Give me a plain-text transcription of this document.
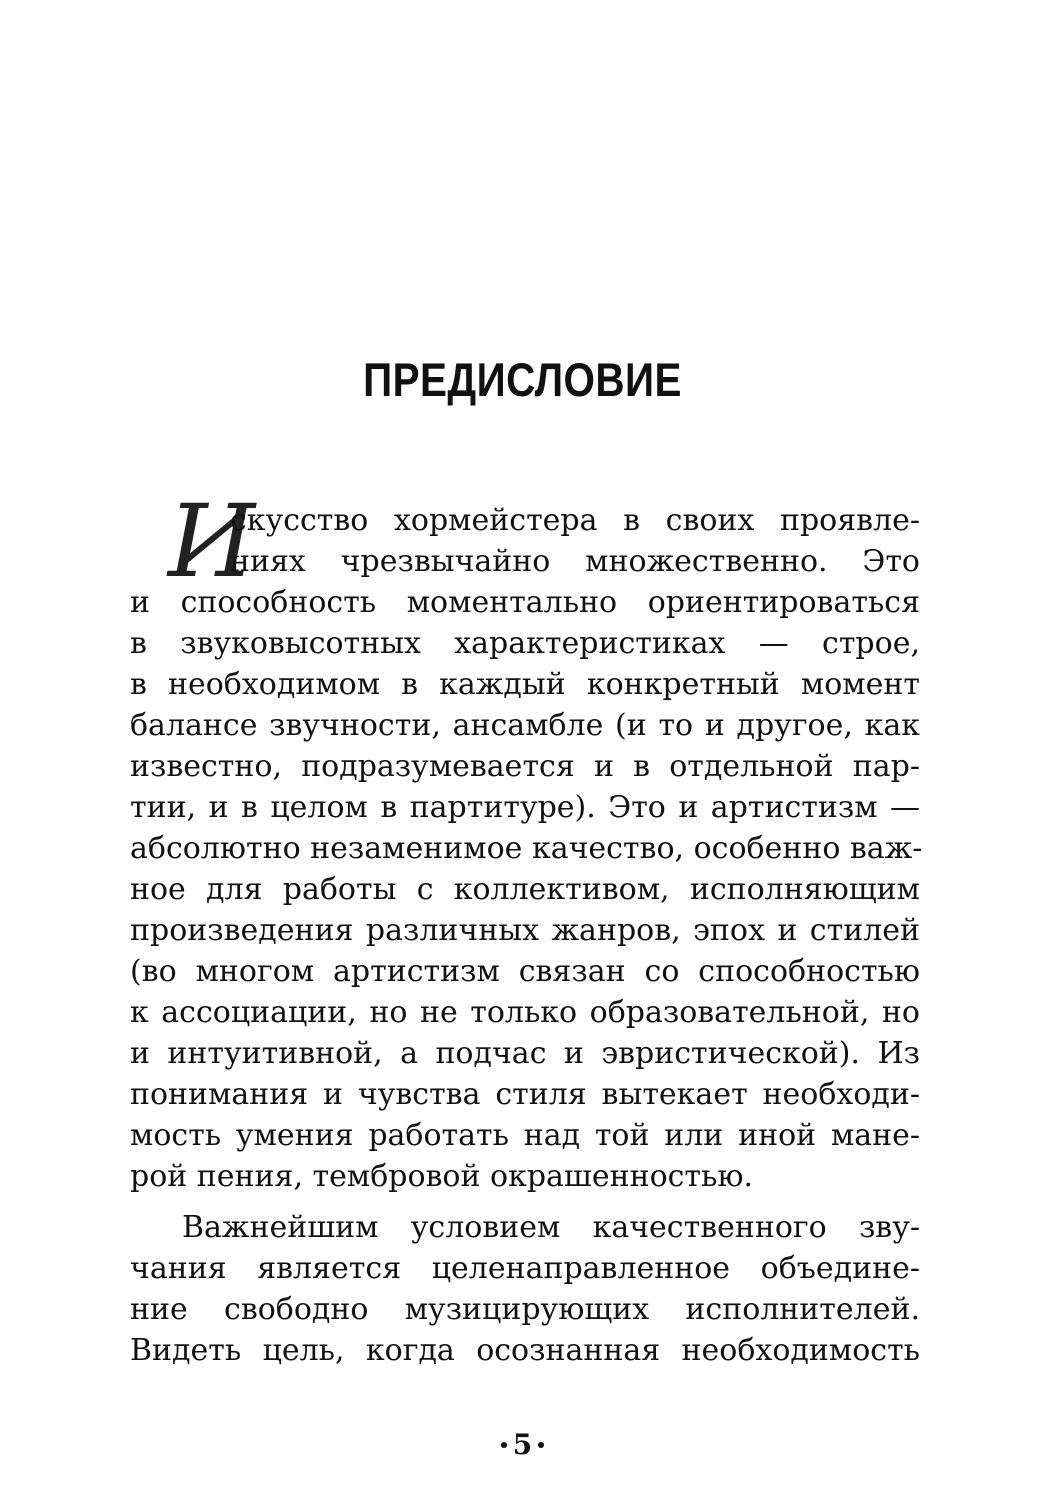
ПРЕДИСЛОВИЕ
И
скусство хормейстера в своих проявле-
ниях чрезвычайно множественно. Это
и способность моментально ориентироваться
в звуковысотных характеристиках — строе,
в необходимом в каждый конкретный момент
балансе звучности, ансамбле (и то и другое, как
известно, подразумевается и в отдельной пар-
тии, и в целом в партитуре). Это и артистизм —
абсолютно незаменимое качество, особенно важ-
ное для работы с коллективом, исполняющим
произведения различных жанров, эпох и стилей
(во многом артистизм связан со способностью
к ассоциации, но не только образовательной, но
и интуитивной, а подчас и эвристической). Из
понимания и чувства стиля вытекает необходи-
мость умения работать над той или иной мане-
рой пения, тембровой окрашенностью.
Важнейшим условием качественного зву-
чания является целенаправленное объедине-
ние свободно музицирующих исполнителей.
Видеть цель, когда осознанная необходимость
5
